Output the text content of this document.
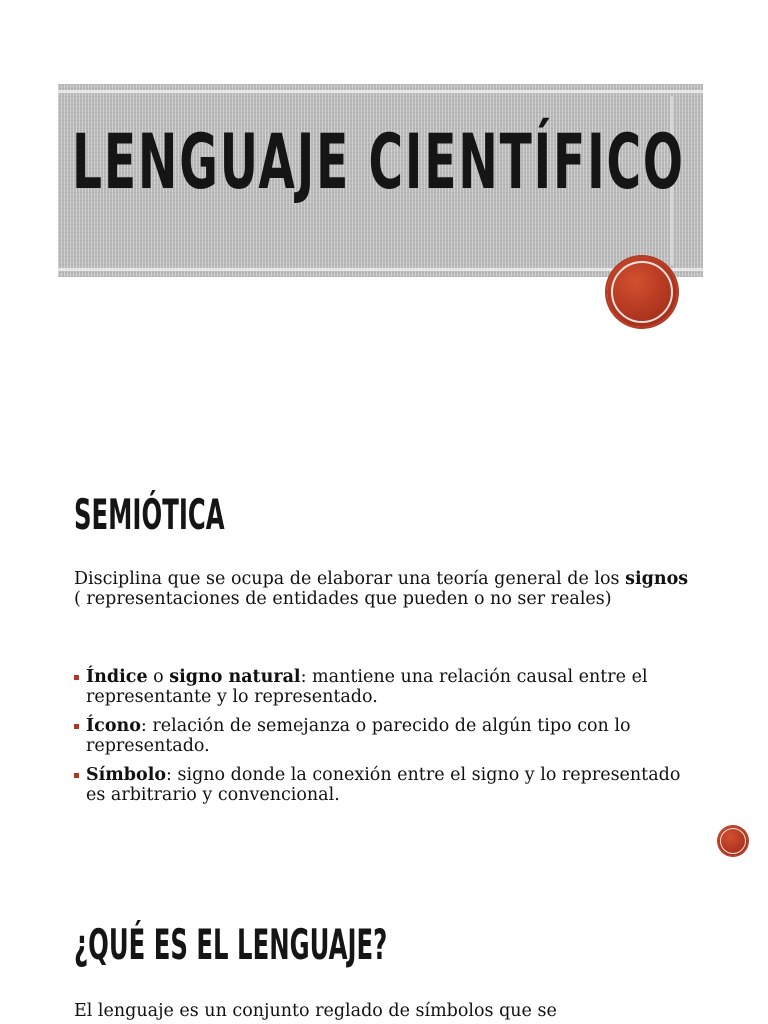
LENGUAJE CIENTÍFICO
SEMIÓTICA

Disciplina que se ocupa de elaborar una teoría general de los signos ( representaciones de entidades que pueden o no ser reales)

Índice o signo natural: mantiene una relación causal entre el representante y lo representado.
Ícono: relación de semejanza o parecido de algún tipo con lo representado.
Símbolo: signo donde la conexión entre el signo y lo representado es arbitrario y convencional.
¿QUÉ ES EL LENGUAJE?

El lenguaje es un conjunto reglado de símbolos que se
